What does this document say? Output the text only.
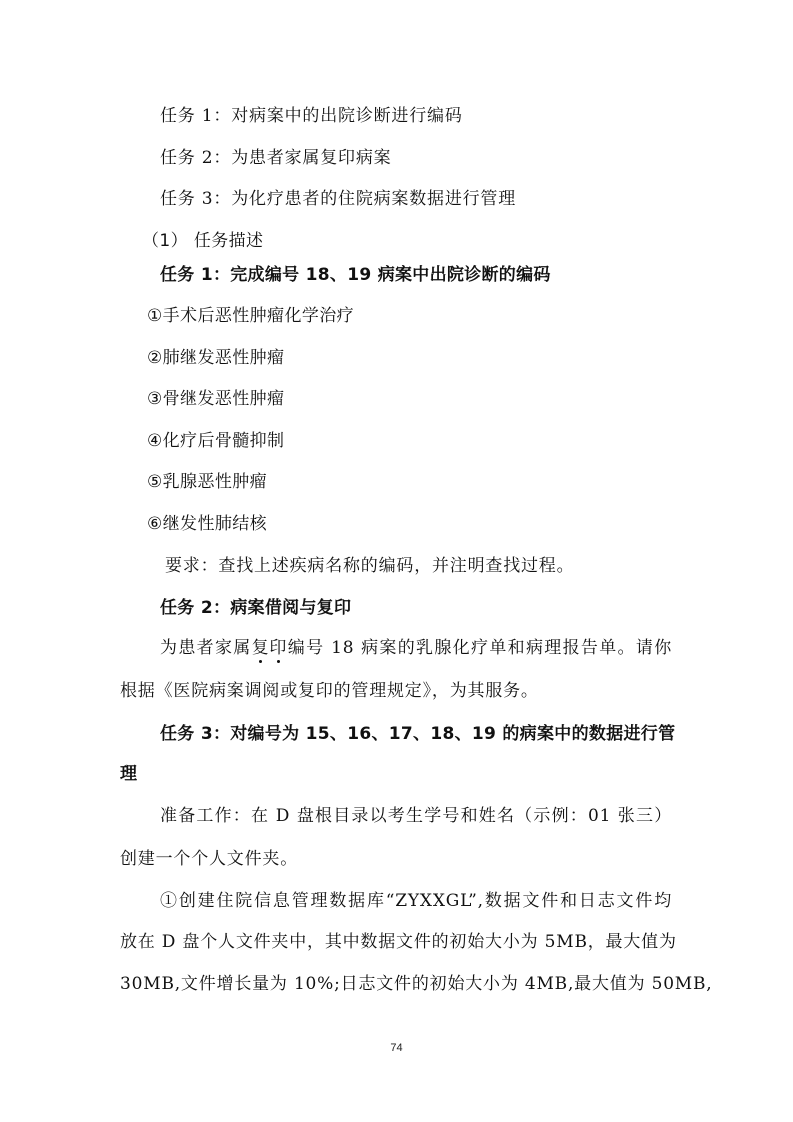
任务 1：对病案中的出院诊断进行编码
任务 2：为患者家属复印病案
任务 3：为化疗患者的住院病案数据进行管理
（1） 任务描述
任务 1：完成编号 18、19 病案中出院诊断的编码
①手术后恶性肿瘤化学治疗
②肺继发恶性肿瘤
③骨继发恶性肿瘤
④化疗后骨髓抑制
⑤乳腺恶性肿瘤
⑥继发性肺结核
要求：查找上述疾病名称的编码，并注明查找过程。
任务 2：病案借阅与复印
为患者家属复印编号 18 病案的乳腺化疗单和病理报告单。请你
根据《医院病案调阅或复印的管理规定》，为其服务。
任务 3：对编号为 15、16、17、18、19 的病案中的数据进行管
理
准备工作：在 D 盘根目录以考生学号和姓名（示例：01 张三）
创建一个个人文件夹。
①创建住院信息管理数据库“ZYXXGL”,数据文件和日志文件均
放在 D 盘个人文件夹中，其中数据文件的初始大小为 5MB，最大值为
30MB,文件增长量为 10%;日志文件的初始大小为 4MB,最大值为 50MB,
74
